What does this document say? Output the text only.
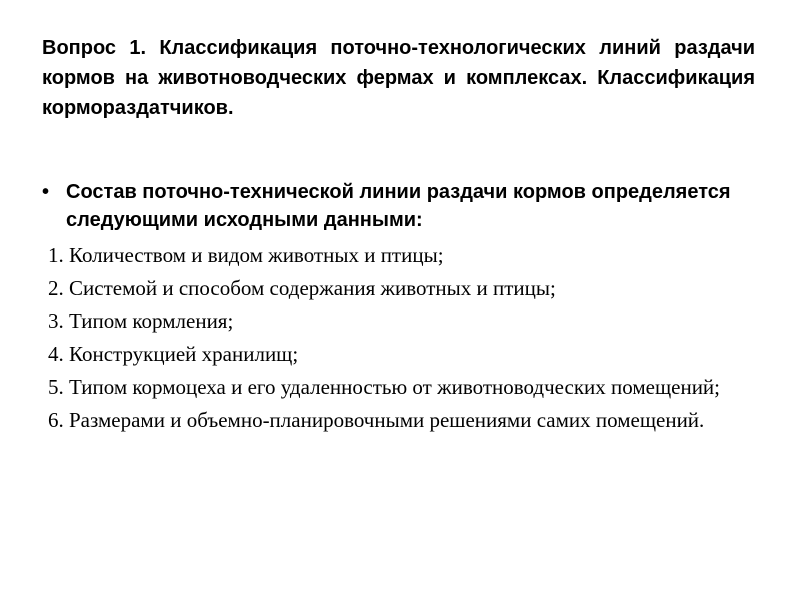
Вопрос 1. Классификация поточно-технологических линий раздачи кормов на животноводческих фермах и комплексах. Классификация кормораздатчиков.
• Состав поточно-технической линии раздачи кормов определяется следующими исходными данными:
1. Количеством и видом животных и птицы;
2. Системой и способом содержания животных и птицы;
3. Типом кормления;
4. Конструкцией хранилищ;
5. Типом кормоцеха и его удаленностью от животноводческих помещений;
6. Размерами и объемно-планировочными решениями самих помещений.
